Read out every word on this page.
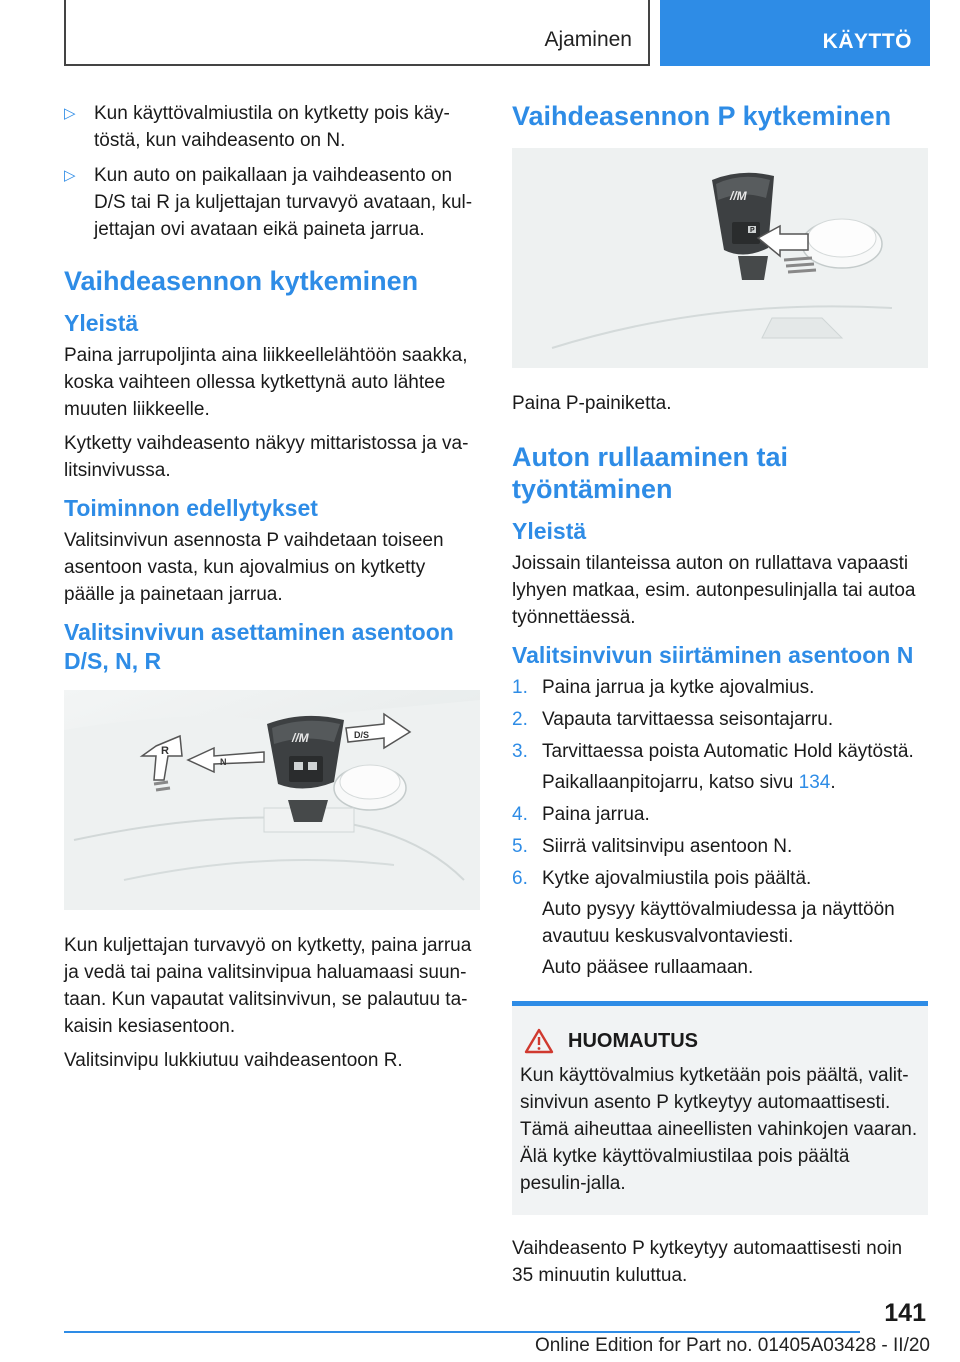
Ajaminen	KÄYTTÖ
▷ Kun käyttövalmiustila on kytketty pois käy-töstä, kun vaihdeasento on N.
▷ Kun auto on paikallaan ja vaihdeasento on D/S tai R ja kuljettajan turvavyö avataan, kul-jettajan ovi avataan eikä paineta jarrua.
Vaihdeasennon kytkeminen
Yleistä

Paina jarrupoljinta aina liikkeellelähtöön saakka, koska vaihteen ollessa kytkettynä auto lähtee muuten liikkeelle.

Kytketty vaihdeasento näkyy mittaristossa ja va-litsinvivussa.

Toiminnon edellytykset

Valitsinvivun asennosta P vaihdetaan toiseen asentoon vasta, kun ajovalmius on kytketty päälle ja painetaan jarrua.

Valitsinvivun asettaminen asentoon D/S, N, R
//M
R
N
D/S

Kun kuljettajan turvavyö on kytketty, paina jarrua ja vedä tai paina valitsinvipua haluamaasi suun-taan. Kun vapautat valitsinvivun, se palautuu ta-kaisin kesiasentoon.

Valitsinvipu lukkiutuu vaihdeasentoon R.

Vaihdeasennon P kytkeminen
//M
P

Paina P-painiketta.

Auton rullaaminen tai työntäminen
Yleistä

Joissain tilanteissa auton on rullattava vapaasti lyhyen matkaa, esim. autonpesulinjalla tai autoa työnnettäessä.

Valitsinvivun siirtäminen asentoon N
1. Paina jarrua ja kytke ajovalmius.
2. Vapauta tarvittaessa seisontajarru.
3. Tarvittaessa poista Automatic Hold käytöstä.
Paikallaanpitojarru, katso sivu 134.
4. Paina jarrua.
5. Siirrä valitsinvipu asentoon N.
6. Kytke ajovalmiustila pois päältä.
Auto pysyy käyttövalmiudessa ja näyttöön avautuu keskusvalvontaviesti.
Auto pääsee rullaamaan.
HUOMAUTUS

Kun käyttövalmius kytketään pois päältä, valit-sinvivun asento P kytkeytyy automaattisesti. Tämä aiheuttaa aineellisten vahinkojen vaaran. Älä kytke käyttövalmiustilaa pois päältä pesulin-jalla.

Vaihdeasento P kytkeytyy automaattisesti noin 35 minuutin kuluttua.

141
Online Edition for Part no. 01405A03428 - II/20
